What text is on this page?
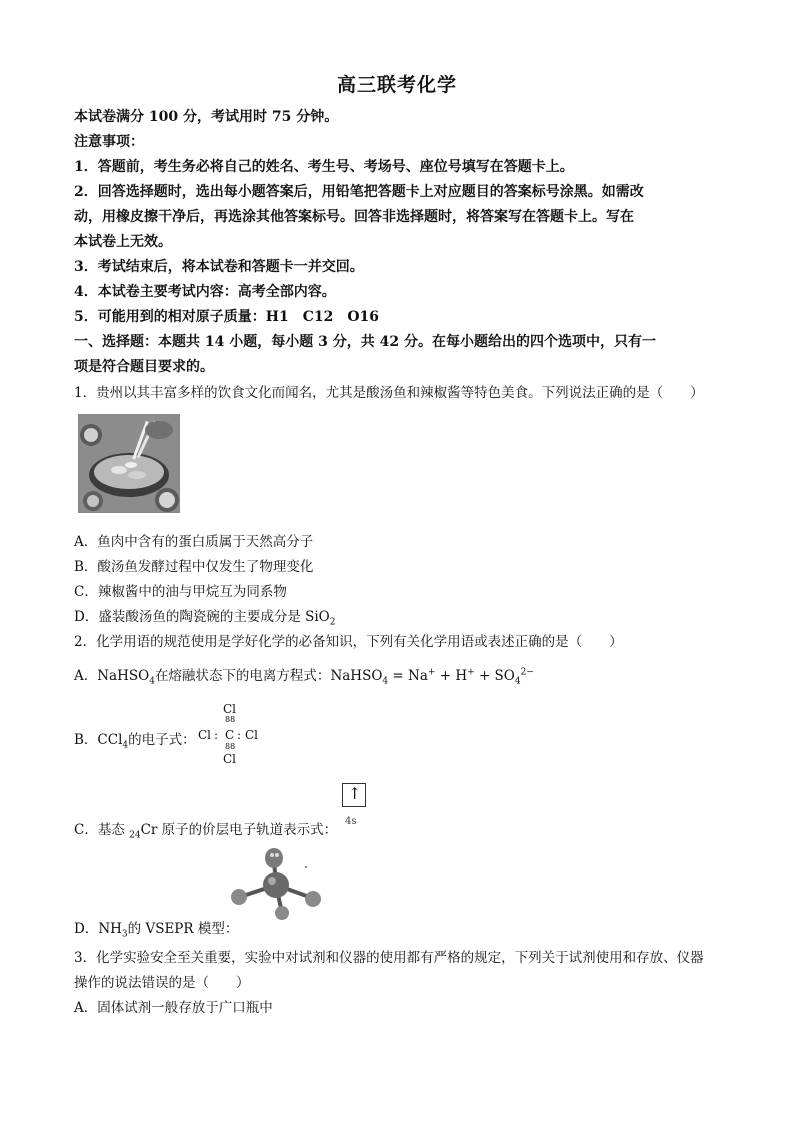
高三联考化学
本试卷满分 100 分，考试用时 75 分钟。
注意事项：
1．答题前，考生务必将自己的姓名、考生号、考场号、座位号填写在答题卡上。
2．回答选择题时，选出每小题答案后，用铅笔把答题卡上对应题目的答案标号涂黑。如需改
动，用橡皮擦干净后，再选涂其他答案标号。回答非选择题时，将答案写在答题卡上。写在
本试卷上无效。
3．考试结束后，将本试卷和答题卡一并交回。
4．本试卷主要考试内容：高考全部内容。
5．可能用到的相对原子质量：H1　C12　O16
一、选择题：本题共 14 小题，每小题 3 分，共 42 分。在每小题给出的四个选项中，只有一
项是符合题目要求的。
1．贵州以其丰富多样的饮食文化而闻名，尤其是酸汤鱼和辣椒酱等特色美食。下列说法正确的是（　　）
A．鱼肉中含有的蛋白质属于天然高分子
B．酸汤鱼发酵过程中仅发生了物理变化
C．辣椒酱中的油与甲烷互为同系物
D．盛装酸汤鱼的陶瓷碗的主要成分是 SiO$_2$
2．化学用语的规范使用是学好化学的必备知识，下列有关化学用语或表述正确的是（　　）
A．NaHSO$_4$在熔融状态下的电离方程式：NaHSO$_4$ = $Na^+ + H^+ + SO_4^{2-}$
B．CCl$_4$的电子式：
Cl
88
Cl : C : Cl
88
Cl
C．基态 $_{24}$Cr 原子的价层电子轨道表示式：
↑
4s
D．$NH_3$的 VSEPR 模型：
3．化学实验安全至关重要，实验中对试剂和仪器的使用都有严格的规定，下列关于试剂使用和存放、仪器
操作的说法错误的是（　　）
A．固体试剂一般存放于广口瓶中
